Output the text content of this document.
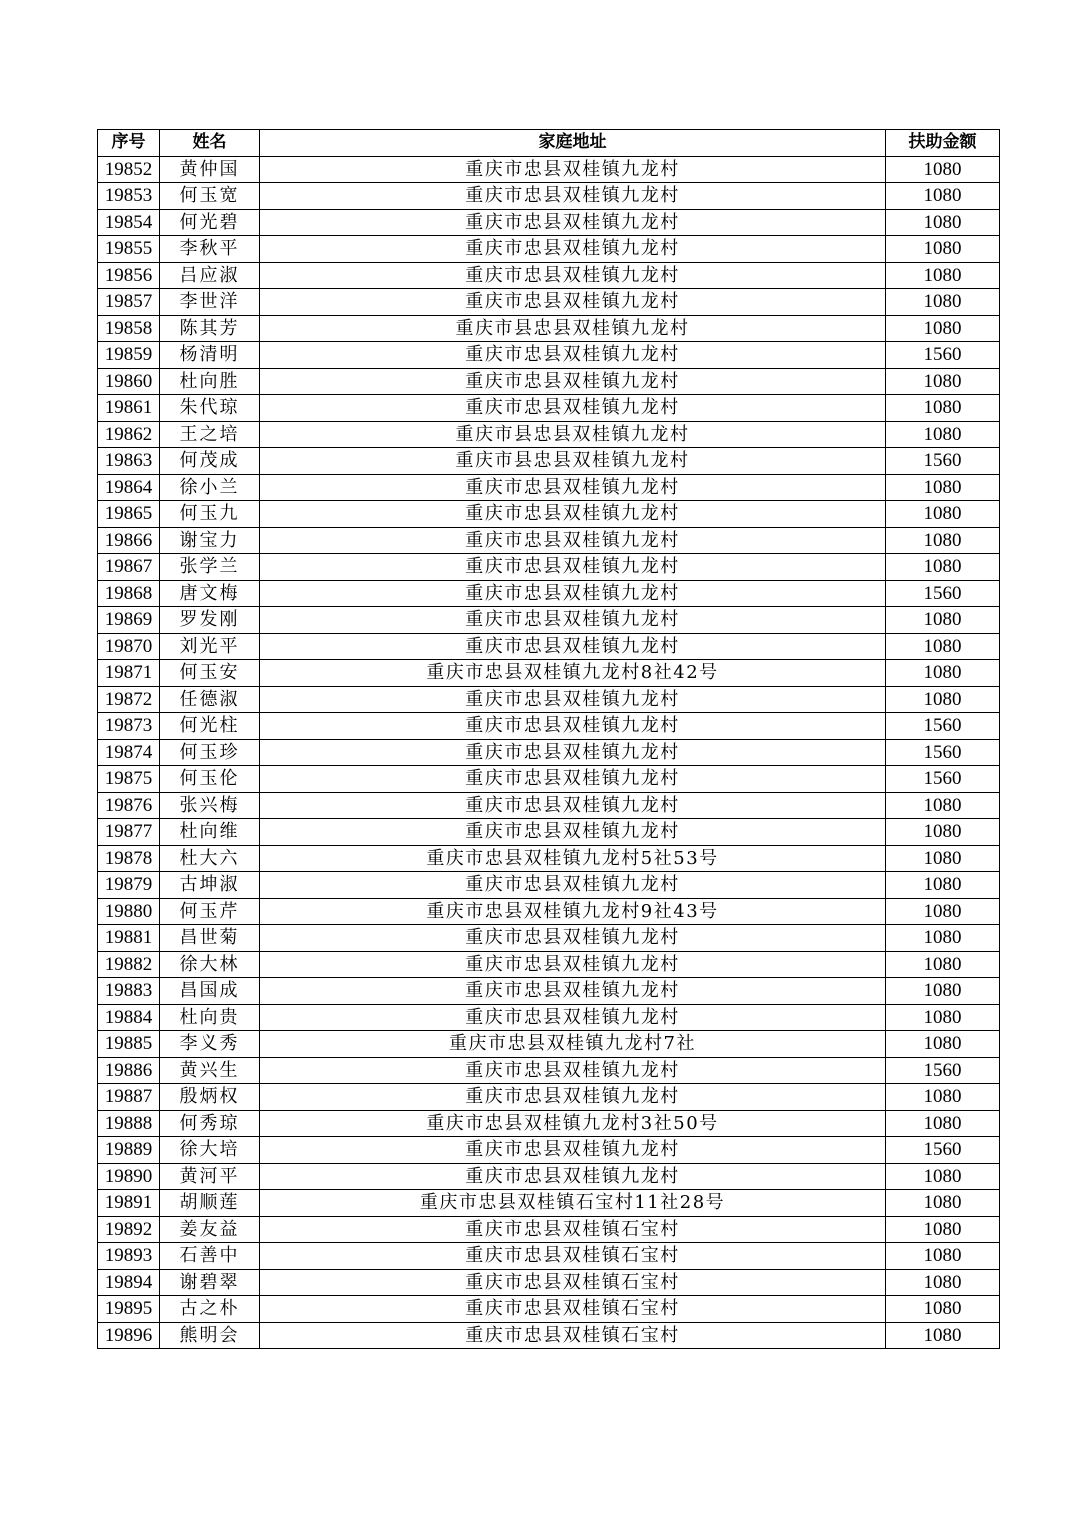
序号	姓名	家庭地址	扶助金额
19852	黄仲国	重庆市忠县双桂镇九龙村	1080
19853	何玉宽	重庆市忠县双桂镇九龙村	1080
19854	何光碧	重庆市忠县双桂镇九龙村	1080
19855	李秋平	重庆市忠县双桂镇九龙村	1080
19856	吕应淑	重庆市忠县双桂镇九龙村	1080
19857	李世洋	重庆市忠县双桂镇九龙村	1080
19858	陈其芳	重庆市县忠县双桂镇九龙村	1080
19859	杨清明	重庆市忠县双桂镇九龙村	1560
19860	杜向胜	重庆市忠县双桂镇九龙村	1080
19861	朱代琼	重庆市忠县双桂镇九龙村	1080
19862	王之培	重庆市县忠县双桂镇九龙村	1080
19863	何茂成	重庆市县忠县双桂镇九龙村	1560
19864	徐小兰	重庆市忠县双桂镇九龙村	1080
19865	何玉九	重庆市忠县双桂镇九龙村	1080
19866	谢宝力	重庆市忠县双桂镇九龙村	1080
19867	张学兰	重庆市忠县双桂镇九龙村	1080
19868	唐文梅	重庆市忠县双桂镇九龙村	1560
19869	罗发刚	重庆市忠县双桂镇九龙村	1080
19870	刘光平	重庆市忠县双桂镇九龙村	1080
19871	何玉安	重庆市忠县双桂镇九龙村8社42号	1080
19872	任德淑	重庆市忠县双桂镇九龙村	1080
19873	何光柱	重庆市忠县双桂镇九龙村	1560
19874	何玉珍	重庆市忠县双桂镇九龙村	1560
19875	何玉伦	重庆市忠县双桂镇九龙村	1560
19876	张兴梅	重庆市忠县双桂镇九龙村	1080
19877	杜向维	重庆市忠县双桂镇九龙村	1080
19878	杜大六	重庆市忠县双桂镇九龙村5社53号	1080
19879	古坤淑	重庆市忠县双桂镇九龙村	1080
19880	何玉芹	重庆市忠县双桂镇九龙村9社43号	1080
19881	昌世菊	重庆市忠县双桂镇九龙村	1080
19882	徐大林	重庆市忠县双桂镇九龙村	1080
19883	昌国成	重庆市忠县双桂镇九龙村	1080
19884	杜向贵	重庆市忠县双桂镇九龙村	1080
19885	李义秀	重庆市忠县双桂镇九龙村7社	1080
19886	黄兴生	重庆市忠县双桂镇九龙村	1560
19887	殷炳权	重庆市忠县双桂镇九龙村	1080
19888	何秀琼	重庆市忠县双桂镇九龙村3社50号	1080
19889	徐大培	重庆市忠县双桂镇九龙村	1560
19890	黄河平	重庆市忠县双桂镇九龙村	1080
19891	胡顺莲	重庆市忠县双桂镇石宝村11社28号	1080
19892	姜友益	重庆市忠县双桂镇石宝村	1080
19893	石善中	重庆市忠县双桂镇石宝村	1080
19894	谢碧翠	重庆市忠县双桂镇石宝村	1080
19895	古之朴	重庆市忠县双桂镇石宝村	1080
19896	熊明会	重庆市忠县双桂镇石宝村	1080
